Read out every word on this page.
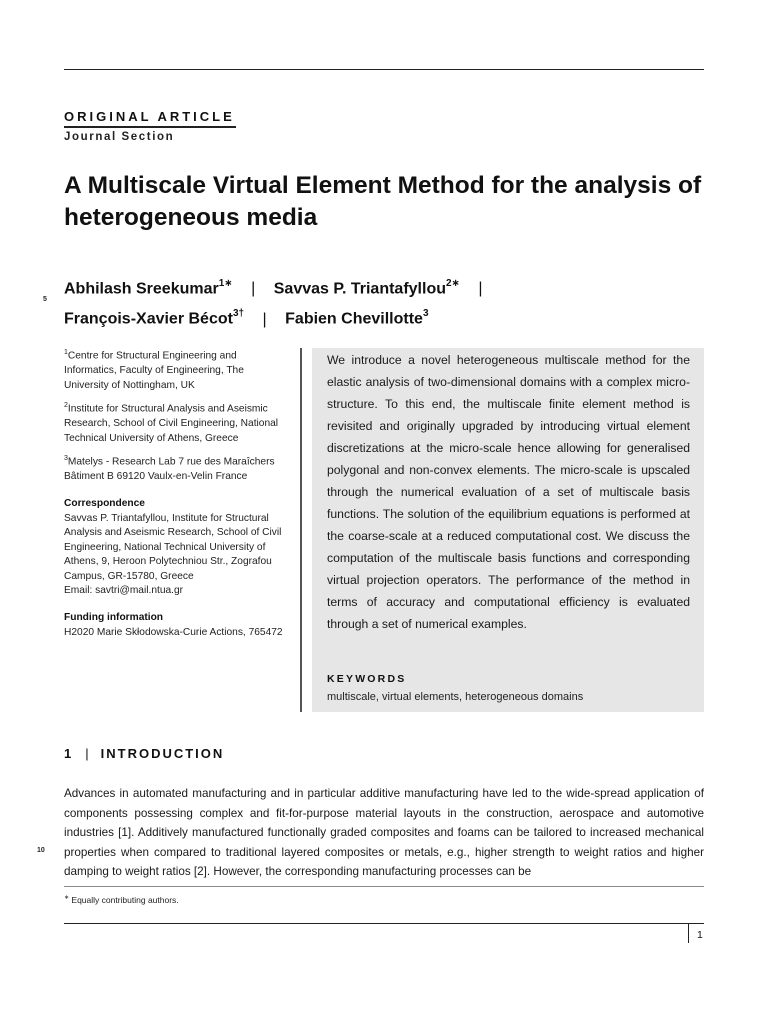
ORIGINAL ARTICLE
Journal Section
A Multiscale Virtual Element Method for the analysis of heterogeneous media
Abhilash Sreekumar$^{1∗}$ | Savvas P. Triantafyllou$^{2∗}$ |
François-Xavier Bécot$^{3\dagger}$ | Fabien Chevillotte$^3$
5

$^1$Centre for Structural Engineering and Informatics, Faculty of Engineering, The University of Nottingham, UK

$^2$Institute for Structural Analysis and Aseismic Research, School of Civil Engineering, National Technical University of Athens, Greece

$^3$Matelys - Research Lab 7 rue des Maraîchers Bâtiment B 69120 Vaulx-en-Velin France

Correspondence

Savvas P. Triantafyllou, Institute for Structural Analysis and Aseismic Research, School of Civil Engineering, National Technical University of Athens, 9, Heroon Polytechniou Str., Zografou Campus, GR-15780, Greece

Email: savtri@mail.ntua.gr

Funding information

H2020 Marie Skłodowska-Curie Actions, 765472

We introduce a novel heterogeneous multiscale method for the elastic analysis of two-dimensional domains with a complex micro-structure. To this end, the multiscale finite element method is revisited and originally upgraded by introducing virtual element discretizations at the micro-scale hence allowing for generalised polygonal and non-convex elements. The micro-scale is upscaled through the numerical evaluation of a set of multiscale basis functions. The solution of the equilibrium equations is performed at the coarse-scale at a reduced computational cost. We discuss the computation of the multiscale basis functions and corresponding virtual projection operators. The performance of the method in terms of accuracy and computational efficiency is evaluated through a set of numerical examples.
KEYWORDS
multiscale, virtual elements, heterogeneous domains
1 | INTRODUCTION
Advances in automated manufacturing and in particular additive manufacturing have led to the wide-spread application of components possessing complex and fit-for-purpose material layouts in the construction, aerospace and automotive industries [1]. Additively manufactured functionally graded composites and foams can be tailored to increased mechanical properties when compared to traditional layered composites or metals, e.g., higher strength to weight ratios and higher damping to weight ratios [2]. However, the corresponding manufacturing processes can be
10
∗ Equally contributing authors.
1
